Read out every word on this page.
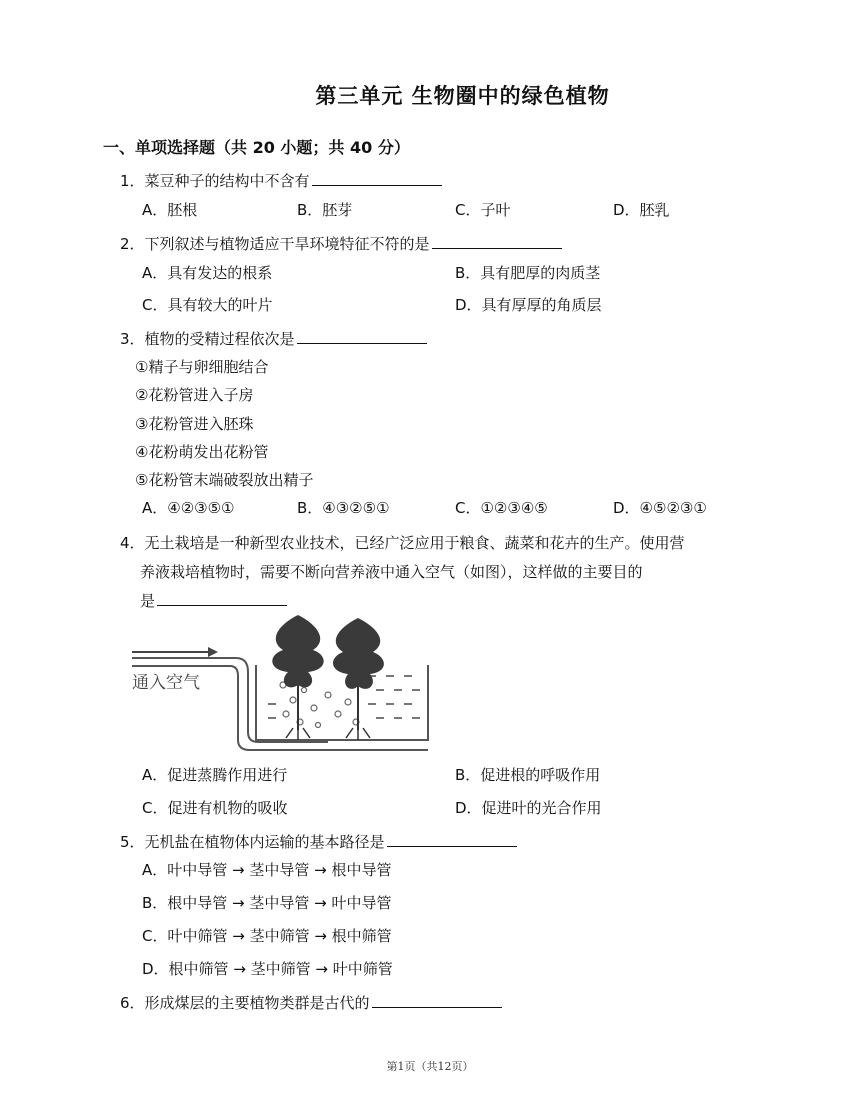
第三单元 生物圈中的绿色植物
一、单项选择题（共 20 小题；共 40 分）
1．菜豆种子的结构中不含有
A．胚根	B．胚芽	C．子叶	D．胚乳
2．下列叙述与植物适应干旱环境特征不符的是
A．具有发达的根系	B．具有肥厚的肉质茎
C．具有较大的叶片	D．具有厚厚的角质层
3．植物的受精过程依次是
①精子与卵细胞结合
②花粉管进入子房
③花粉管进入胚珠
④花粉萌发出花粉管
⑤花粉管末端破裂放出精子
A．④②③⑤①	B．④③②⑤①	C．①②③④⑤	D．④⑤②③①
4．无土栽培是一种新型农业技术，已经广泛应用于粮食、蔬菜和花卉的生产。使用营
养液栽培植物时，需要不断向营养液中通入空气（如图），这样做的主要目的
是
通入空气
A．促进蒸腾作用进行	B．促进根的呼吸作用
C．促进有机物的吸收	D．促进叶的光合作用
5．无机盐在植物体内运输的基本路径是
A．叶中导管 → 茎中导管 → 根中导管
B．根中导管 → 茎中导管 → 叶中导管
C．叶中筛管 → 茎中筛管 → 根中筛管
D．根中筛管 → 茎中筛管 → 叶中筛管
6．形成煤层的主要植物类群是古代的
第1页（共12页）
